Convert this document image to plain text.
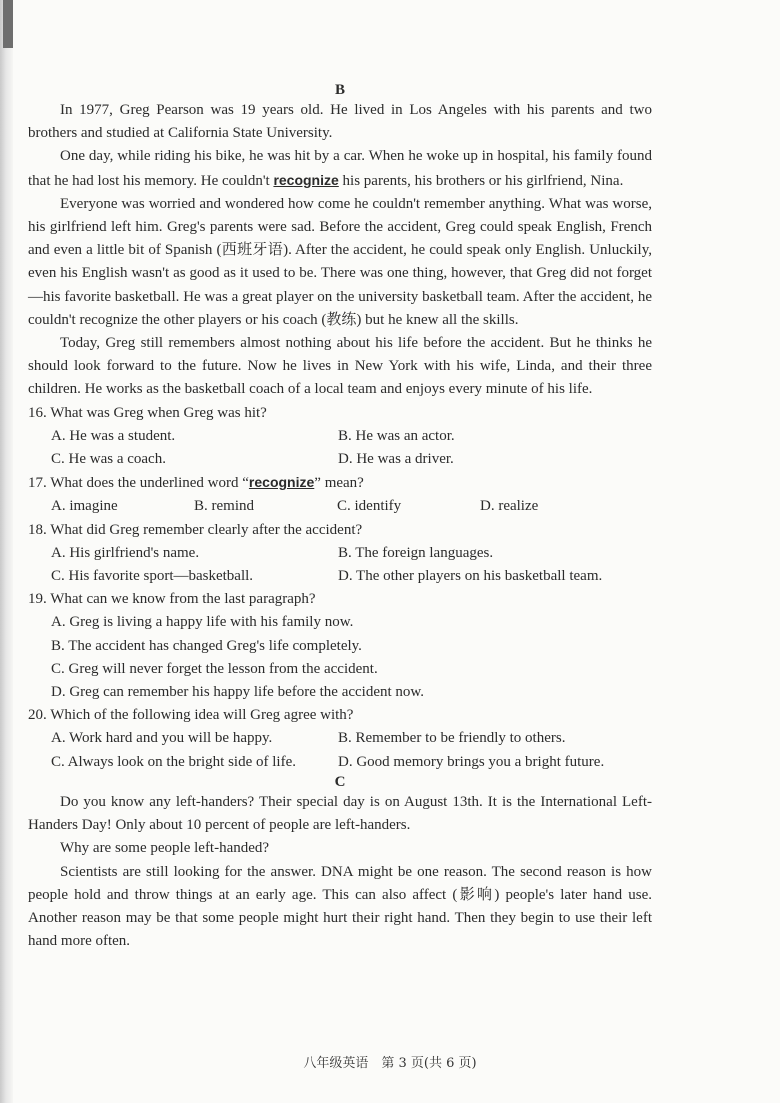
B

In 1977, Greg Pearson was 19 years old. He lived in Los Angeles with his parents and two brothers and studied at California State University.

One day, while riding his bike, he was hit by a car. When he woke up in hospital, his family found that he had lost his memory. He couldn't recognize his parents, his brothers or his girlfriend, Nina.

Everyone was worried and wondered how come he couldn't remember anything. What was worse, his girlfriend left him. Greg's parents were sad. Before the accident, Greg could speak English, French and even a little bit of Spanish (西班牙语). After the accident, he could speak only English. Unluckily, even his English wasn't as good as it used to be. There was one thing, however, that Greg did not forget—his favorite basketball. He was a great player on the university basketball team. After the accident, he couldn't recognize the other players or his coach (教练) but he knew all the skills.

Today, Greg still remembers almost nothing about his life before the accident. But he thinks he should look forward to the future. Now he lives in New York with his wife, Linda, and their three children. He works as the basketball coach of a local team and enjoys every minute of his life.

16. What was Greg when Greg was hit?

A. He was a student.	B. He was an actor.
C. He was a coach.	D. He was a driver.

17. What does the underlined word “recognize” mean?

A. imagine	B. remind	C. identify	D. realize

18. What did Greg remember clearly after the accident?

A. His girlfriend's name.	B. The foreign languages.
C. His favorite sport—basketball.	D. The other players on his basketball team.

19. What can we know from the last paragraph?

A. Greg is living a happy life with his family now.

B. The accident has changed Greg's life completely.

C. Greg will never forget the lesson from the accident.

D. Greg can remember his happy life before the accident now.

20. Which of the following idea will Greg agree with?

A. Work hard and you will be happy.	B. Remember to be friendly to others.
C. Always look on the bright side of life.	D. Good memory brings you a bright future.
C

Do you know any left-handers? Their special day is on August 13th. It is the International Left-Handers Day! Only about 10 percent of people are left-handers.

Why are some people left-handed?

Scientists are still looking for the answer. DNA might be one reason. The second reason is how people hold and throw things at an early age. This can also affect (影响) people's later hand use. Another reason may be that some people might hurt their right hand. Then they begin to use their left hand more often.

八年级英语　第 3 页(共 6 页)
